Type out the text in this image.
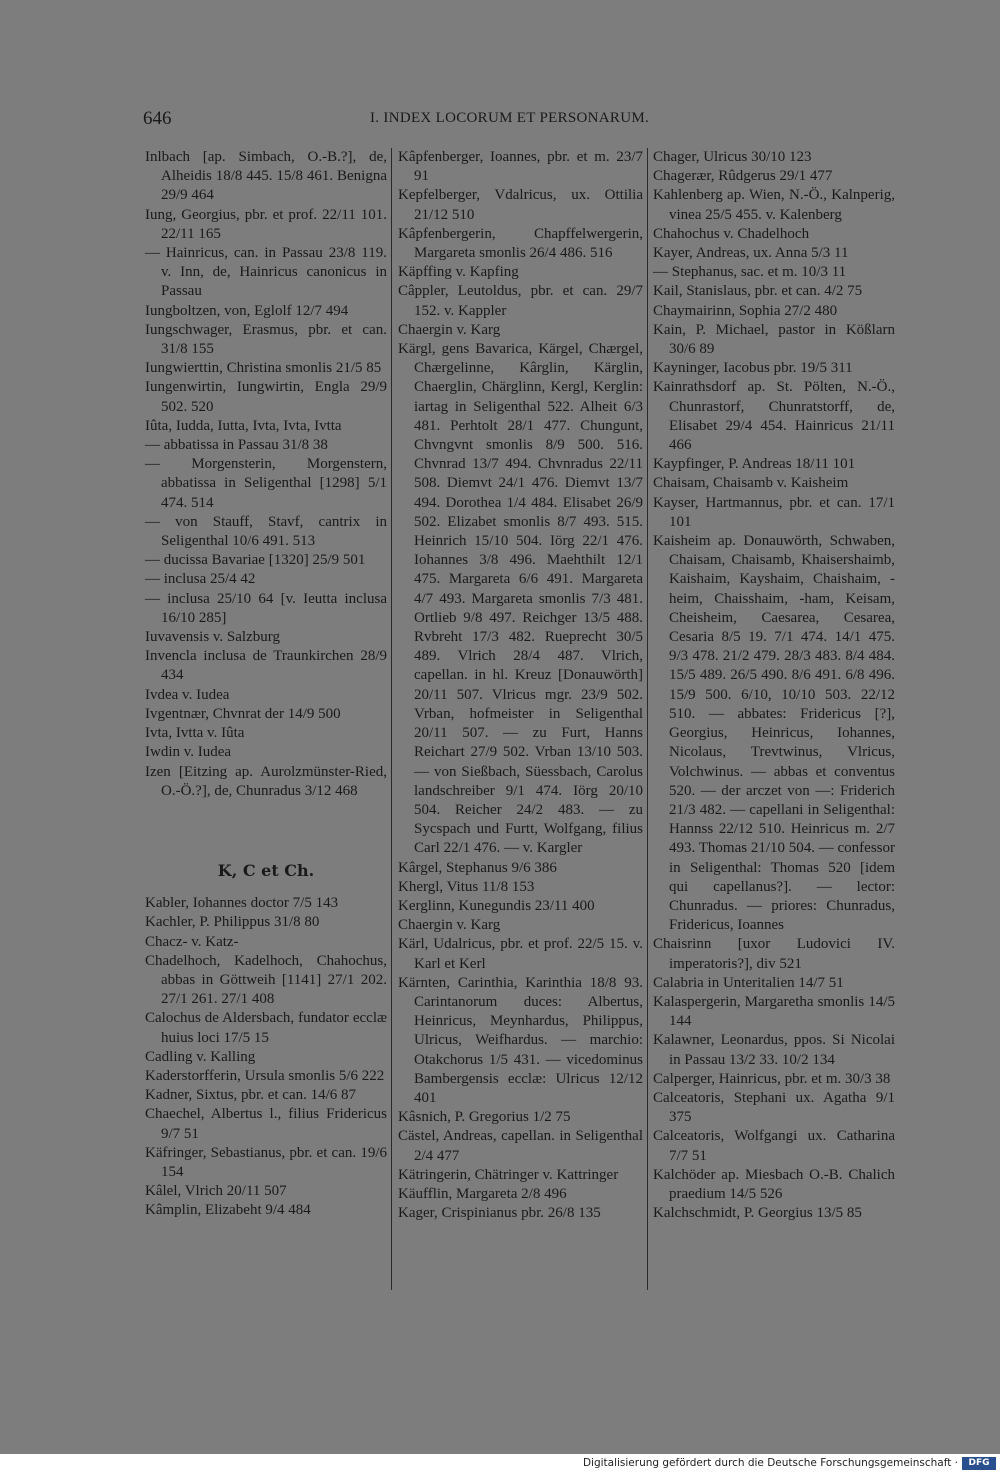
646	I. INDEX LOCORUM ET PERSONARUM.
Inlbach [ap. Simbach, O.-B.?], de, Alheidis 18/8 445. 15/8 461. Benigna 29/9 464
Iung, Georgius, pbr. et prof. 22/11 101. 22/11 165
— Hainricus, can. in Passau 23/8 119. v. Inn, de, Hainricus canonicus in Passau
Iungboltzen, von, Eglolf 12/7 494
Iungschwager, Erasmus, pbr. et can. 31/8 155
Iungwierttin, Christina smonlis 21/5 85
Iungenwirtin, Iungwirtin, Engla 29/9 502. 520
Iûta, Iudda, Iutta, Ivta, Ivta, Ivtta
— abbatissa in Passau 31/8 38
— Morgensterin, Morgenstern, abbatissa in Seligenthal [1298] 5/1 474. 514
— von Stauff, Stavf, cantrix in Seligenthal 10/6 491. 513
— ducissa Bavariae [1320] 25/9 501
— inclusa 25/4 42
— inclusa 25/10 64 [v. Ieutta inclusa 16/10 285]
Iuvavensis v. Salzburg
Invencla inclusa de Traunkirchen 28/9 434
Ivdea v. Iudea
Ivgentnær, Chvnrat der 14/9 500
Ivta, Ivtta v. Iûta
Iwdin v. Iudea
Izen [Eitzing ap. Aurolzmünster-Ried, O.-Ö.?], de, Chunradus 3/12 468
K, C et Ch.
Kabler, Iohannes doctor 7/5 143
Kachler, P. Philippus 31/8 80
Chacz- v. Katz-
Chadelhoch, Kadelhoch, Chahochus, abbas in Göttweih [1141] 27/1 202. 27/1 261. 27/1 408
Calochus de Aldersbach, fundator ecclæ huius loci 17/5 15
Cadling v. Kalling
Kaderstorfferin, Ursula smonlis 5/6 222
Kadner, Sixtus, pbr. et can. 14/6 87
Chaechel, Albertus l., filius Fridericus 9/7 51
Käfringer, Sebastianus, pbr. et can. 19/6 154
Kâlel, Vlrich 20/11 507
Kâmplin, Elizabeht 9/4 484
Kâpfenberger, Ioannes, pbr. et m. 23/7 91
Kepfelberger, Vdalricus, ux. Ottilia 21/12 510
Kâpfenbergerin, Chapffelwergerin, Margareta smonlis 26/4 486. 516
Käpffing v. Kapfing
Câppler, Leutoldus, pbr. et can. 29/7 152. v. Kappler
Chaergin v. Karg
Kärgl, gens Bavarica, Kärgel, Chærgel, Chærgelinne, Kârglin, Kärglin, Chaerglin, Chärglinn, Kergl, Kerglin: iartag in Seligenthal 522. Alheit 6/3 481. Perhtolt 28/1 477. Chungunt, Chvngvnt smonlis 8/9 500. 516. Chvnrad 13/7 494. Chvnradus 22/11 508. Diemvt 24/1 476. Diemvt 13/7 494. Dorothea 1/4 484. Elisabet 26/9 502. Elizabet smonlis 8/7 493. 515. Heinrich 15/10 504. Iörg 22/1 476. Iohannes 3/8 496. Maehthilt 12/1 475. Margareta 6/6 491. Margareta 4/7 493. Margareta smonlis 7/3 481. Ortlieb 9/8 497. Reichger 13/5 488. Rvbreht 17/3 482. Rueprecht 30/5 489. Vlrich 28/4 487. Vlrich, capellan. in hl. Kreuz [Donauwörth] 20/11 507. Vlricus mgr. 23/9 502. Vrban, hofmeister in Seligenthal 20/11 507. — zu Furt, Hanns Reichart 27/9 502. Vrban 13/10 503. — von Sießbach, Süessbach, Carolus landschreiber 9/1 474. Iörg 20/10 504. Reicher 24/2 483. — zu Sycspach und Furtt, Wolfgang, filius Carl 22/1 476. — v. Kargler
Kârgel, Stephanus 9/6 386
Khergl, Vitus 11/8 153
Kerglinn, Kunegundis 23/11 400
Chaergin v. Karg
Kärl, Udalricus, pbr. et prof. 22/5 15. v. Karl et Kerl
Kärnten, Carinthia, Karinthia 18/8 93. Carintanorum duces: Albertus, Heinricus, Meynhardus, Philippus, Ulricus, Weifhardus. — marchio: Otakchorus 1/5 431. — vicedominus Bambergensis ecclæ: Ulricus 12/12 401
Kâsnich, P. Gregorius 1/2 75
Cästel, Andreas, capellan. in Seligenthal 2/4 477
Kätringerin, Chätringer v. Kattringer
Käufflin, Margareta 2/8 496
Kager, Crispinianus pbr. 26/8 135
Chager, Ulricus 30/10 123
Chagerær, Rûdgerus 29/1 477
Kahlenberg ap. Wien, N.-Ö., Kalnperig, vinea 25/5 455. v. Kalenberg
Chahochus v. Chadelhoch
Kayer, Andreas, ux. Anna 5/3 11
— Stephanus, sac. et m. 10/3 11
Kail, Stanislaus, pbr. et can. 4/2 75
Chaymairinn, Sophia 27/2 480
Kain, P. Michael, pastor in Kößlarn 30/6 89
Kayninger, Iacobus pbr. 19/5 311
Kainrathsdorf ap. St. Pölten, N.-Ö., Chunrastorf, Chunratstorff, de, Elisabet 29/4 454. Hainricus 21/11 466
Kaypfinger, P. Andreas 18/11 101
Chaisam, Chaisamb v. Kaisheim
Kayser, Hartmannus, pbr. et can. 17/1 101
Kaisheim ap. Donauwörth, Schwaben, Chaisam, Chaisamb, Khaisershaimb, Kaishaim, Kayshaim, Chaishaim, -heim, Chaisshaim, -ham, Keisam, Cheisheim, Caesarea, Cesarea, Cesaria 8/5 19. 7/1 474. 14/1 475. 9/3 478. 21/2 479. 28/3 483. 8/4 484. 15/5 489. 26/5 490. 8/6 491. 6/8 496. 15/9 500. 6/10, 10/10 503. 22/12 510. — abbates: Fridericus [?], Georgius, Heinricus, Iohannes, Nicolaus, Trevtwinus, Vlricus, Volchwinus. — abbas et conventus 520. — der arczet von —: Friderich 21/3 482. — capellani in Seligenthal: Hannss 22/12 510. Heinricus m. 2/7 493. Thomas 21/10 504. — confessor in Seligenthal: Thomas 520 [idem qui capellanus?]. — lector: Chunradus. — priores: Chunradus, Fridericus, Ioannes
Chaisrinn [uxor Ludovici IV. imperatoris?], div 521
Calabria in Unteritalien 14/7 51
Kalaspergerin, Margaretha smonlis 14/5 144
Kalawner, Leonardus, ppos. Si Nicolai in Passau 13/2 33. 10/2 134
Calperger, Hainricus, pbr. et m. 30/3 38
Calceatoris, Stephani ux. Agatha 9/1 375
Calceatoris, Wolfgangi ux. Catharina 7/7 51
Kalchöder ap. Miesbach O.-B. Chalich praedium 14/5 526
Kalchschmidt, P. Georgius 13/5 85
Digitalisierung gefördert durch die Deutsche Forschungsgemeinschaft ·	DFG
